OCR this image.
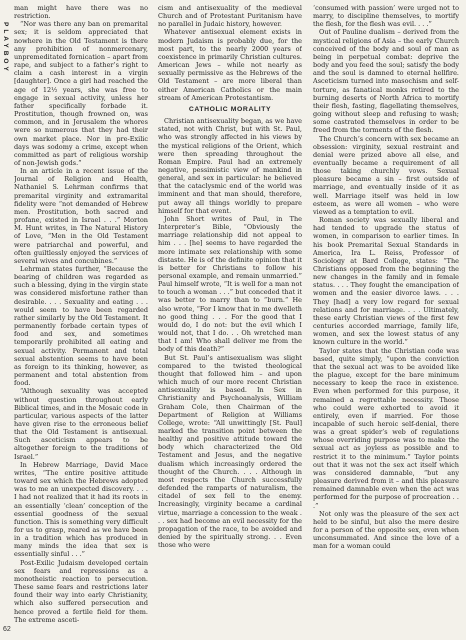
PLAYBOY

man might have there was no restriction.

“Nor was there any ban on premarital sex; it is seldom appreciated that nowhere in the Old Testament is there any prohibition of nonmercenary, unpremeditated fornication – apart from rape, and subject to a father’s right to claim a cash interest in a virgin [daughter]. Once a girl had reached the age of 12½ years, she was free to engage in sexual activity, unless her father specifically forbade it. Prostitution, though frowned on, was common, and in Jerusalem the whores were so numerous that they had their own market place. Nor in pre-Exilic days was sodomy a crime, except when committed as part of religious worship of non-Jewish gods.”

In an article in a recent issue of the Journal of Religion and Health, Nathaniel S. Lehrman confirms that premarital virginity and extramarital fidelity were “not demanded of Hebrew men. Prostitution, both sacred and profane, existed in Israel . . .” Morton M. Hunt writes, in The Natural History of Love, “Men in the Old Testament were patriarchal and powerful, and often guiltlessly enjoyed the services of several wives and concubines.”

Lehrman states further, “Because the bearing of children was regarded as such a blessing, dying in the virgin state was considered misfortune rather than desirable. . . . Sexuality and eating . . . would seem to have been regarded rather similarly by the Old Testament. It permanently forbade certain types of food and sex, and sometimes temporarily prohibited all eating and sexual activity. Permanent and total sexual abstention seems to have been as foreign to its thinking, however, as permanent and total abstention from food.

“Although sexuality was accepted without question throughout early Biblical times, and in the Mosaic code in particular, various aspects of the latter have given rise to the erroneous belief that the Old Testament is antisexual. Such asceticism appears to be altogether foreign to the traditions of Israel.”

In Hebrew Marriage, David Mace writes, “The entire positive attitude toward sex which the Hebrews adopted was to me an unexpected discovery. . . . I had not realized that it had its roots in an essentially ‘clean’ conception of the essential goodness of the sexual function. This is something very difficult for us to grasp, reared as we have been in a tradition which has produced in many minds the idea that sex is essentially sinful . . .”

Post-Exilic Judaism developed certain sex fears and repressions as a monotheistic reaction to persecution. These same fears and restrictions later found their way into early Christianity, which also suffered persecution and hence proved a fertile field for them. The extreme asceti-

cism and antisexuality of the medieval Church and of Protestant Puritanism have no parallel in Judaic history, however.

Whatever antisexual element exists in modern Judaism is probably due, for the most part, to the nearly 2000 years of coexistence in primarily Christian cultures. American Jews – while not nearly as sexually permissive as the Hebrews of the Old Testament – are more liberal than either American Catholics or the main stream of American Protestantism.

CATHOLIC MORALITY

Christian antisexuality began, as we have stated, not with Christ, but with St. Paul, who was strongly affected in his views by the mystical religions of the Orient, which were then spreading throughout the Roman Empire. Paul had an extremely negative, pessimistic view of mankind in general, and sex in particular: he believed that the cataclysmic end of the world was imminent and that man should, therefore, put away all things worldly to prepare himself for that event.

John Short writes of Paul, in The Interpreter’s Bible, “Obviously the marriage relationship did not appeal to him . . . [he] seems to have regarded the more intimate sex relationship with some distaste. He is of the definite opinion that it is better for Christians to follow his personal example, and remain unmarried.” Paul himself wrote, “It is well for a man not to touch a woman . . .” but conceded that it was better to marry than to “burn.” He also wrote, “For I know that in me dwelleth no good thing . . . For the good that I would do, I do not: but the evil which I would not, that I do. . . Oh wretched man that I am! Who shall deliver me from the body of this death?”

But St. Paul’s antisexualism was slight compared to the twisted theological thought that followed him – and upon which much of our more recent Christian antisexuality is based. In Sex in Christianity and Psychoanalysis, William Graham Cole, then Chairman of the Department of Religion at Williams College, wrote: “All unwittingly [St. Paul] marked the transition point between the healthy and positive attitude toward the body which characterized the Old Testament and Jesus, and the negative dualism which increasingly ordered the thought of the Church. . . . Although in most respects the Church successfully defended the ramparts of naturalism, the citadel of sex fell to the enemy. Increasingly, virginity became a cardinal virtue, marriage a concession to the weak . . . sex had become an evil necessity for the propagation of the race, to be avoided and denied by the spiritually strong. . . Even those who were

‘consumed with passion’ were urged not to marry, to discipline themselves, to mortify the flesh, for the flesh was evil. . . .”

Out of Pauline dualism – derived from the mystical religions of Asia – the early Church conceived of the body and soul of man as being in perpetual combat: deprive the body and you feed the soul; satisfy the body and the soul is damned to eternal hellfire. Asceticism turned into masochism and self-torture, as fanatical monks retired to the burning deserts of North Africa to mortify their flesh, fasting, flagellating themselves, going without sleep and refusing to wash; some castrated themselves in order to be freed from the torments of the flesh.

The Church’s concern with sex became an obsession: virginity, sexual restraint and denial were prized above all else, and eventually became a requirement of all those taking churchly vows. Sexual pleasure became a sin – first outside of marriage, and eventually inside of it as well. Marriage itself was held in low esteem, as were all women – who were viewed as a temptation to evil.

Roman society was sexually liberal and had tended to upgrade the status of women, in comparison to earlier times. In his book Premarital Sexual Standards in America, Ira L. Reiss, Professor of Sociology at Bard College, states: “The Christians opposed from the beginning the new changes in the family and in female status. . . . They fought the emancipation of women and the easier divorce laws. . . . They [had] a very low regard for sexual relations and for marriage. . . . Ultimately, these early Christian views of the first few centuries accorded marriage, family life, women, and sex the lowest status of any known culture in the world.”

Taylor states that the Christian code was based, quite simply, “upon the conviction that the sexual act was to be avoided like the plague, except for the bare minimum necessary to keep the race in existence. Even when performed for this purpose, it remained a regrettable necessity. Those who could were exhorted to avoid it entirely, even if married. For those incapable of such heroic self-denial, there was a great spider’s web of regulations whose overriding purpose was to make the sexual act as joyless as possible and to restrict it to the minimum.” Taylor points out that it was not the sex act itself which was considered damnable, “but any pleasure derived from it – and this pleasure remained damnable even when the act was performed for the purpose of procreation . . .”

Not only was the pleasure of the sex act held to be sinful, but also the mere desire for a person of the opposite sex, even when unconsummated. And since the love of a man for a woman could

62
